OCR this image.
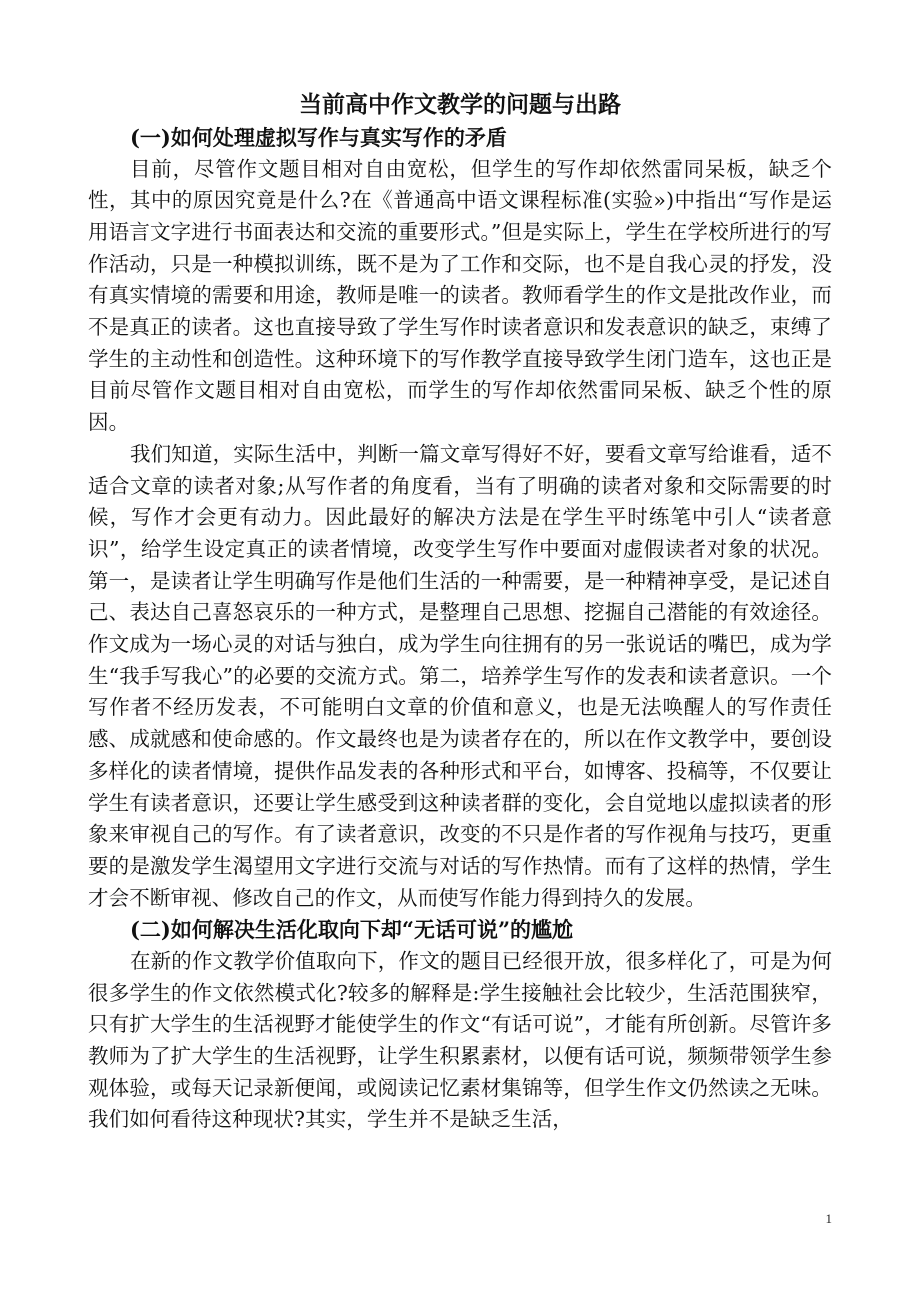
当前高中作文教学的问题与出路
(一)如何处理虚拟写作与真实写作的矛盾

目前，尽管作文题目相对自由宽松，但学生的写作却依然雷同呆板，缺乏个性，其中的原因究竟是什么?在《普通高中语文课程标准(实验»)中指出“写作是运用语言文字进行书面表达和交流的重要形式。”但是实际上，学生在学校所进行的写作活动，只是一种模拟训练，既不是为了工作和交际，也不是自我心灵的抒发，没有真实情境的需要和用途，教师是唯一的读者。教师看学生的作文是批改作业，而不是真正的读者。这也直接导致了学生写作时读者意识和发表意识的缺乏，束缚了学生的主动性和创造性。这种环境下的写作教学直接导致学生闭门造车，这也正是目前尽管作文题目相对自由宽松，而学生的写作却依然雷同呆板、缺乏个性的原因。

我们知道，实际生活中，判断一篇文章写得好不好，要看文章写给谁看，适不适合文章的读者对象;从写作者的角度看，当有了明确的读者对象和交际需要的时候，写作才会更有动力。因此最好的解决方法是在学生平时练笔中引人“读者意识”，给学生设定真正的读者情境，改变学生写作中要面对虚假读者对象的状况。第一，是读者让学生明确写作是他们生活的一种需要，是一种精神享受，是记述自己、表达自己喜怒哀乐的一种方式，是整理自己思想、挖掘自己潜能的有效途径。作文成为一场心灵的对话与独白，成为学生向往拥有的另一张说话的嘴巴，成为学生“我手写我心”的必要的交流方式。第二，培养学生写作的发表和读者意识。一个写作者不经历发表，不可能明白文章的价值和意义，也是无法唤醒人的写作责任感、成就感和使命感的。作文最终也是为读者存在的，所以在作文教学中，要创设多样化的读者情境，提供作品发表的各种形式和平台，如博客、投稿等，不仅要让学生有读者意识，还要让学生感受到这种读者群的变化，会自觉地以虚拟读者的形象来审视自己的写作。有了读者意识，改变的不只是作者的写作视角与技巧，更重要的是激发学生渴望用文字进行交流与对话的写作热情。而有了这样的热情，学生才会不断审视、修改自己的作文，从而使写作能力得到持久的发展。

(二)如何解决生活化取向下却“无话可说”的尴尬

在新的作文教学价值取向下，作文的题目已经很开放，很多样化了，可是为何很多学生的作文依然模式化?较多的解释是:学生接触社会比较少，生活范围狭窄，只有扩大学生的生活视野才能使学生的作文“有话可说”，才能有所创新。尽管许多教师为了扩大学生的生活视野，让学生积累素材，以便有话可说，频频带领学生参观体验，或每天记录新便闻，或阅读记忆素材集锦等，但学生作文仍然读之无味。我们如何看待这种现状?其实，学生并不是缺乏生活，

1
